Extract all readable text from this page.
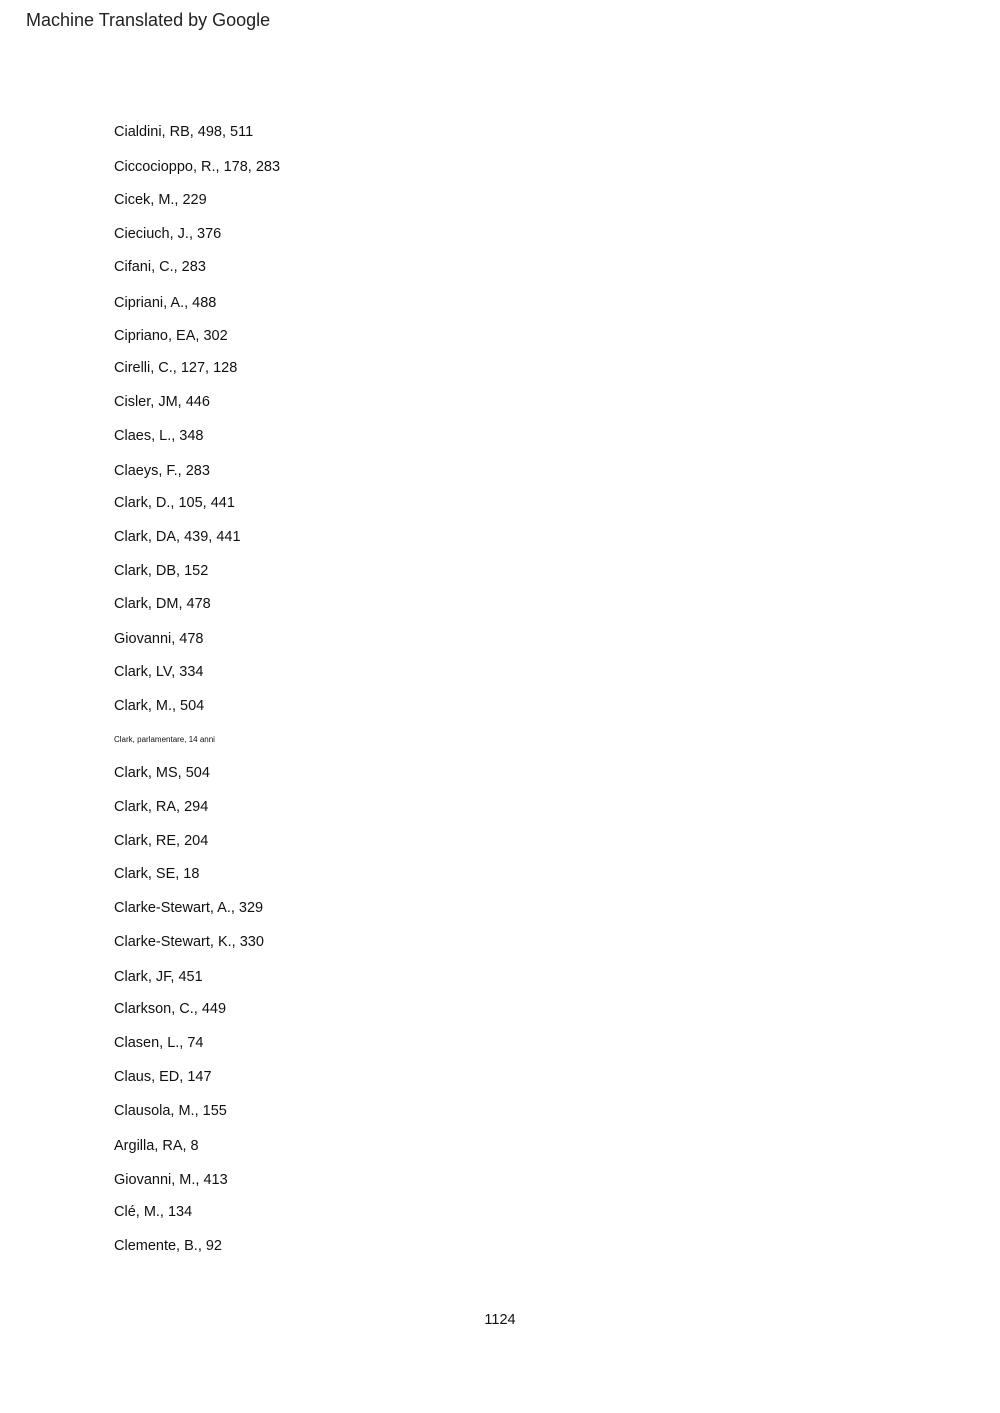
Machine Translated by Google
Cialdini, RB, 498, 511
Ciccocioppo, R., 178, 283
Cicek, M., 229
Cieciuch, J., 376
Cifani, C., 283
Cipriani, A., 488
Cipriano, EA, 302
Cirelli, C., 127, 128
Cisler, JM, 446
Claes, L., 348
Claeys, F., 283
Clark, D., 105, 441
Clark, DA, 439, 441
Clark, DB, 152
Clark, DM, 478
Giovanni, 478
Clark, LV, 334
Clark, M., 504
Clark, parlamentare, 14 anni
Clark, MS, 504
Clark, RA, 294
Clark, RE, 204
Clark, SE, 18
Clarke-Stewart, A., 329
Clarke-Stewart, K., 330
Clark, JF, 451
Clarkson, C., 449
Clasen, L., 74
Claus, ED, 147
Clausola, M., 155
Argilla, RA, 8
Giovanni, M., 413
Clé, M., 134
Clemente, B., 92
1124
